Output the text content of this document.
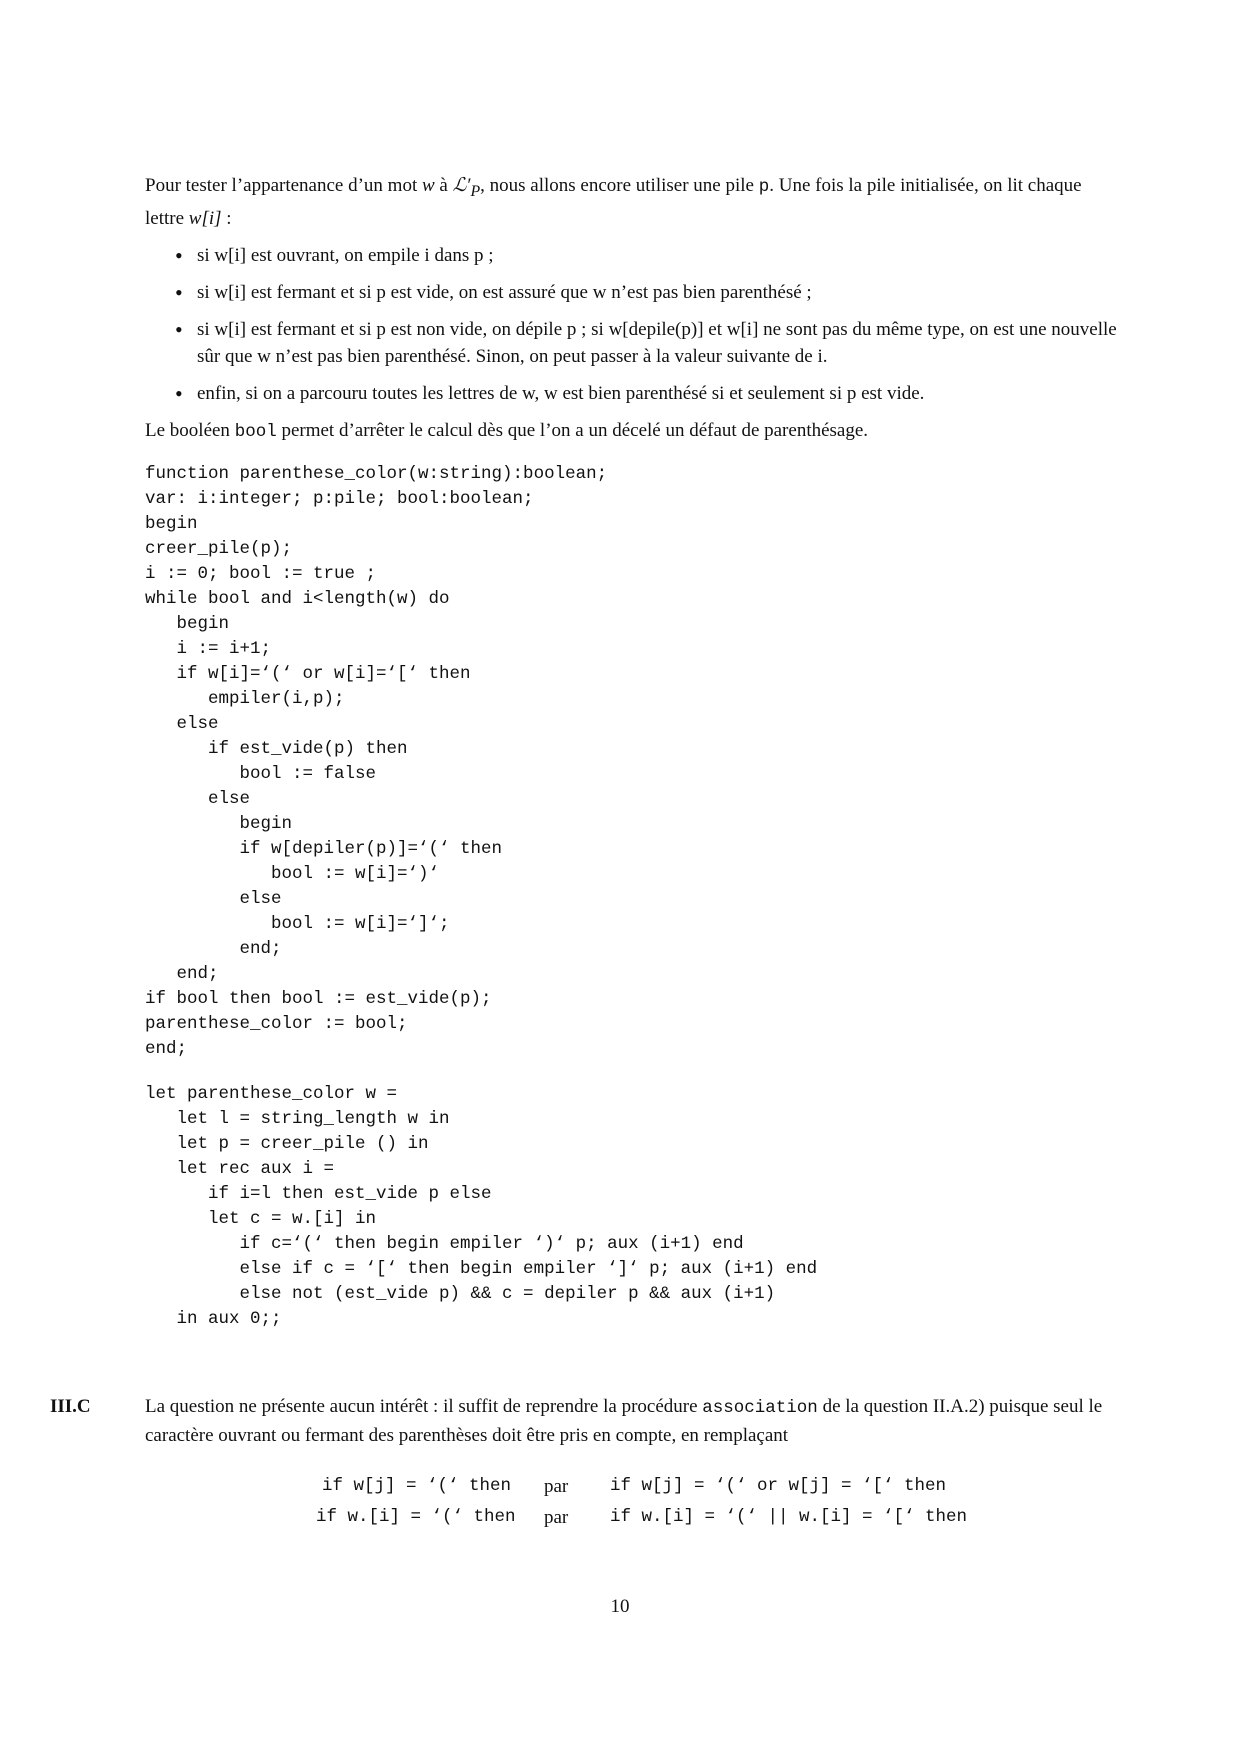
Pour tester l’appartenance d’un mot w à $ℒ'_P$, nous allons encore utiliser une pile p. Une fois la pile initialisée, on lit chaque lettre w[i] :

• si w[i] est ouvrant, on empile i dans p ;
• si w[i] est fermant et si p est vide, on est assuré que w n’est pas bien parenthésé ;
• si w[i] est fermant et si p est non vide, on dépile p ; si w[depile(p)] et w[i] ne sont pas du même type, on est une nouvelle sûr que w n’est pas bien parenthésé. Sinon, on peut passer à la valeur suivante de i.
• enfin, si on a parcouru toutes les lettres de w, w est bien parenthésé si et seulement si p est vide.

Le booléen bool permet d’arrêter le calcul dès que l’on a un décelé un défaut de parenthésage.

function parenthese_color(w:string):boolean;
var: i:integer; p:pile; bool:boolean;
begin
creer_pile(p);
i := 0; bool := true ;
while bool and i<length(w) do
begin
i := i+1;
if w[i]=‘(‘ or w[i]=‘[‘ then
empiler(i,p);
else
if est_vide(p) then
bool := false
else
begin
if w[depiler(p)]=‘(‘ then
bool := w[i]=‘)‘
else
bool := w[i]=‘]‘;
end;
end;
if bool then bool := est_vide(p);
parenthese_color := bool;
end;
let parenthese_color w =
let l = string_length w in
let p = creer_pile () in
let rec aux i =
if i=l then est_vide p else
let c = w.[i] in
if c=‘(‘ then begin empiler ‘)‘ p; aux (i+1) end
else if c = ‘[‘ then begin empiler ‘]‘ p; aux (i+1) end
else not (est_vide p) && c = depiler p && aux (i+1)
in aux 0;;
III.C	La question ne présente aucun intérêt : il suffit de reprendre la procédure association de la question II.A.2) puisque seul le caractère ouvrant ou fermant des parenthèses doit être pris en compte, en remplaçant
if w[j] = ‘(‘ then par if w[j] = ‘(‘ or w[j] = ‘[‘ then
if w.[i] = ‘(‘ then par if w.[i] = ‘(‘ || w.[i] = ‘[‘ then
10
